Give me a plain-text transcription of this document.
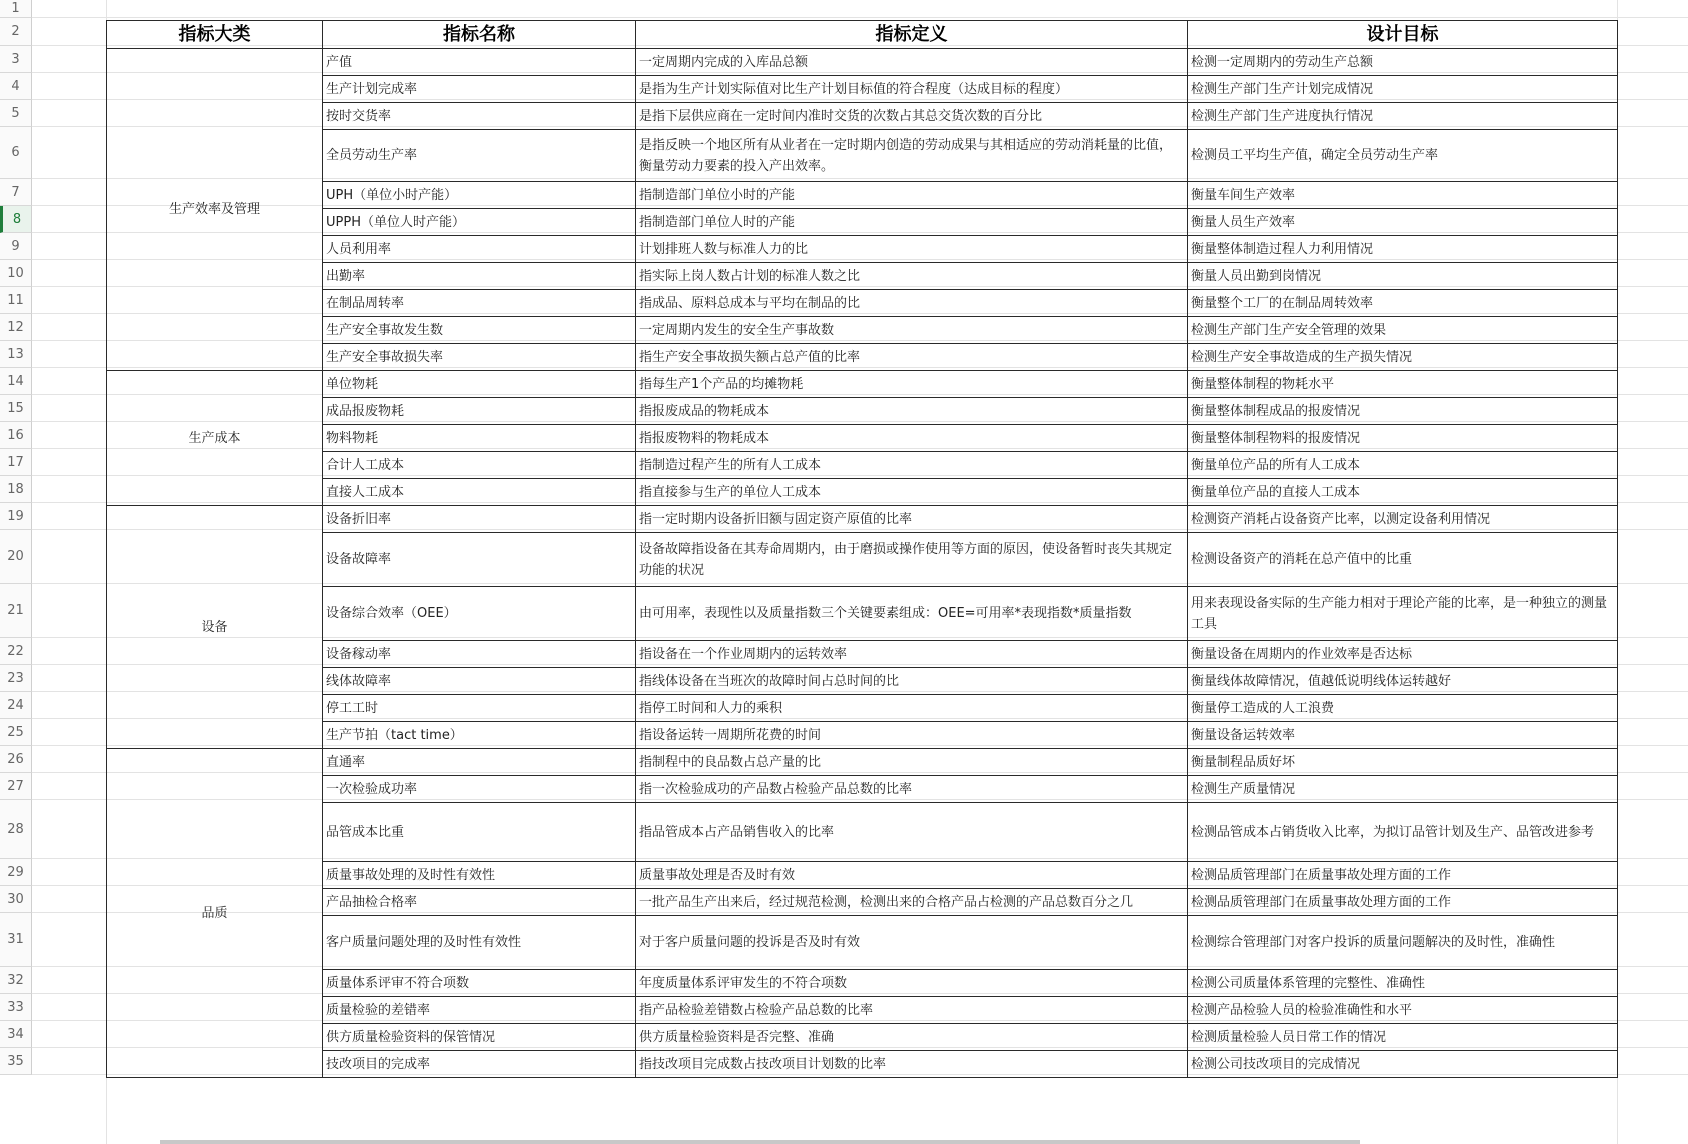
1
2
3
4
5
6
7
8
9
10
11
12
13
14
15
16
17
18
19
20
21
22
23
24
25
26
27
28
29
30
31
32
33
34
35
指标大类	指标名称	指标定义	设计目标
生产效率及管理	产值	一定周期内完成的入库品总额	检测一定周期内的劳动生产总额
	生产计划完成率	是指为生产计划实际值对比生产计划目标值的符合程度（达成目标的程度）	检测生产部门生产计划完成情况
	按时交货率	是指下层供应商在一定时间内准时交货的次数占其总交货次数的百分比	检测生产部门生产进度执行情况
	全员劳动生产率	是指反映一个地区所有从业者在一定时期内创造的劳动成果与其相适应的劳动消耗量的比值，衡量劳动力要素的投入产出效率。	检测员工平均生产值，确定全员劳动生产率
	UPH（单位小时产能）	指制造部门单位小时的产能	衡量车间生产效率
	UPPH（单位人时产能）	指制造部门单位人时的产能	衡量人员生产效率
	人员利用率	计划排班人数与标准人力的比	衡量整体制造过程人力利用情况
	出勤率	指实际上岗人数占计划的标准人数之比	衡量人员出勤到岗情况
	在制品周转率	指成品、原料总成本与平均在制品的比	衡量整个工厂的在制品周转效率
	生产安全事故发生数	一定周期内发生的安全生产事故数	检测生产部门生产安全管理的效果
	生产安全事故损失率	指生产安全事故损失额占总产值的比率	检测生产安全事故造成的生产损失情况
生产成本	单位物耗	指每生产1个产品的均摊物耗	衡量整体制程的物耗水平
	成品报废物耗	指报废成品的物耗成本	衡量整体制程成品的报废情况
	物料物耗	指报废物料的物耗成本	衡量整体制程物料的报废情况
	合计人工成本	指制造过程产生的所有人工成本	衡量单位产品的所有人工成本
	直接人工成本	指直接参与生产的单位人工成本	衡量单位产品的直接人工成本
设备	设备折旧率	指一定时期内设备折旧额与固定资产原值的比率	检测资产消耗占设备资产比率，以测定设备利用情况
	设备故障率	设备故障指设备在其寿命周期内，由于磨损或操作使用等方面的原因，使设备暂时丧失其规定功能的状况	检测设备资产的消耗在总产值中的比重
	设备综合效率（OEE）	由可用率，表现性以及质量指数三个关键要素组成：OEE=可用率*表现指数*质量指数	用来表现设备实际的生产能力相对于理论产能的比率，是一种独立的测量工具
	设备稼动率	指设备在一个作业周期内的运转效率	衡量设备在周期内的作业效率是否达标
	线体故障率	指线体设备在当班次的故障时间占总时间的比	衡量线体故障情况，值越低说明线体运转越好
	停工工时	指停工时间和人力的乘积	衡量停工造成的人工浪费
	生产节拍（tact time）	指设备运转一周期所花费的时间	衡量设备运转效率
品质	直通率	指制程中的良品数占总产量的比	衡量制程品质好坏
	一次检验成功率	指一次检验成功的产品数占检验产品总数的比率	检测生产质量情况
	品管成本比重	指品管成本占产品销售收入的比率	检测品管成本占销货收入比率，为拟订品管计划及生产、品管改进参考
	质量事故处理的及时性有效性	质量事故处理是否及时有效	检测品质管理部门在质量事故处理方面的工作
	产品抽检合格率	一批产品生产出来后，经过规范检测，检测出来的合格产品占检测的产品总数百分之几	检测品质管理部门在质量事故处理方面的工作
	客户质量问题处理的及时性有效性	对于客户质量问题的投诉是否及时有效	检测综合管理部门对客户投诉的质量问题解决的及时性，准确性
	质量体系评审不符合项数	年度质量体系评审发生的不符合项数	检测公司质量体系管理的完整性、准确性
	质量检验的差错率	指产品检验差错数占检验产品总数的比率	检测产品检验人员的检验准确性和水平
	供方质量检验资料的保管情况	供方质量检验资料是否完整、准确	检测质量检验人员日常工作的情况
	技改项目的完成率	指技改项目完成数占技改项目计划数的比率	检测公司技改项目的完成情况
